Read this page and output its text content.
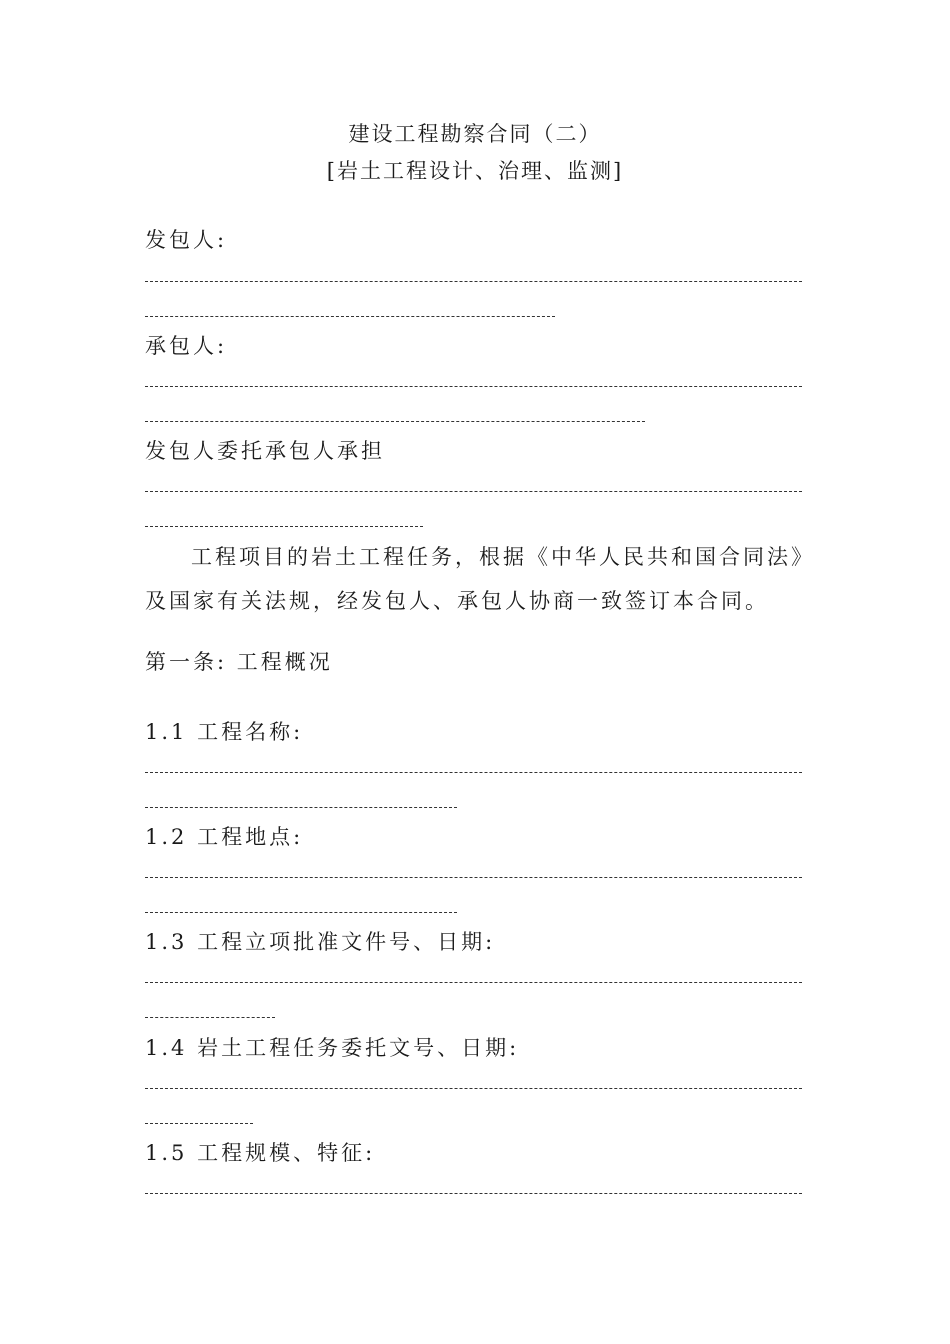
建设工程勘察合同（二）
[岩土工程设计、治理、监测]
发包人:
承包人:
发包人委托承包人承担
工程项目的岩土工程任务，根据《中华人民共和国合同法》及国家有关法规，经发包人、承包人协商一致签订本合同。
第一条: 工程概况
1.1 工程名称:
1.2 工程地点:
1.3 工程立项批准文件号、日期:
1.4 岩土工程任务委托文号、日期:
1.5 工程规模、特征:
